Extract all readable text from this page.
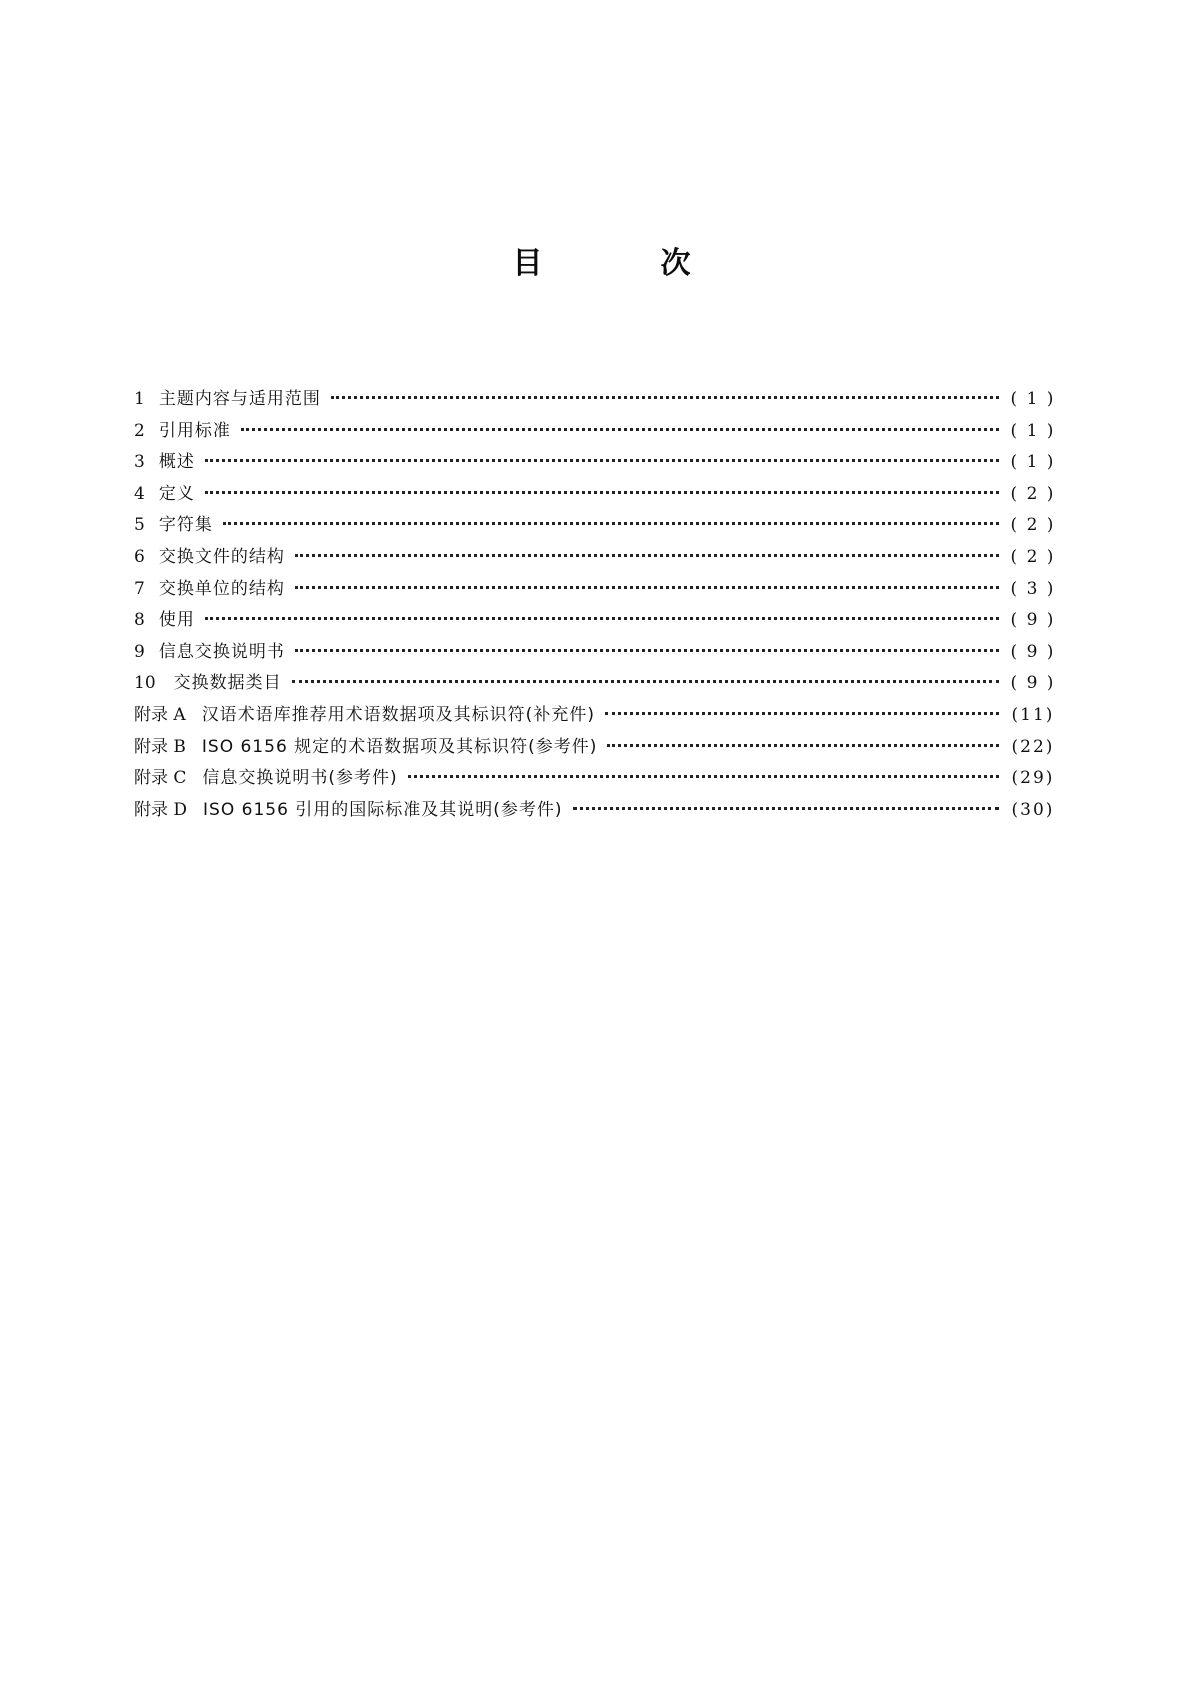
目	次
1 主题内容与适用范围	( 1 )
2 引用标准	( 1 )
3 概述	( 1 )
4 定义	( 2 )
5 字符集	( 2 )
6 交换文件的结构	( 2 )
7 交换单位的结构	( 3 )
8 使用	( 9 )
9 信息交换说明书	( 9 )
10	交换数据类目	( 9 )
附录 A 汉语术语库推荐用术语数据项及其标识符(补充件)	(11)
附录 B ISO 6156 规定的术语数据项及其标识符(参考件)	(22)
附录 C 信息交换说明书(参考件)	(29)
附录 D ISO 6156 引用的国际标准及其说明(参考件)	(30)
